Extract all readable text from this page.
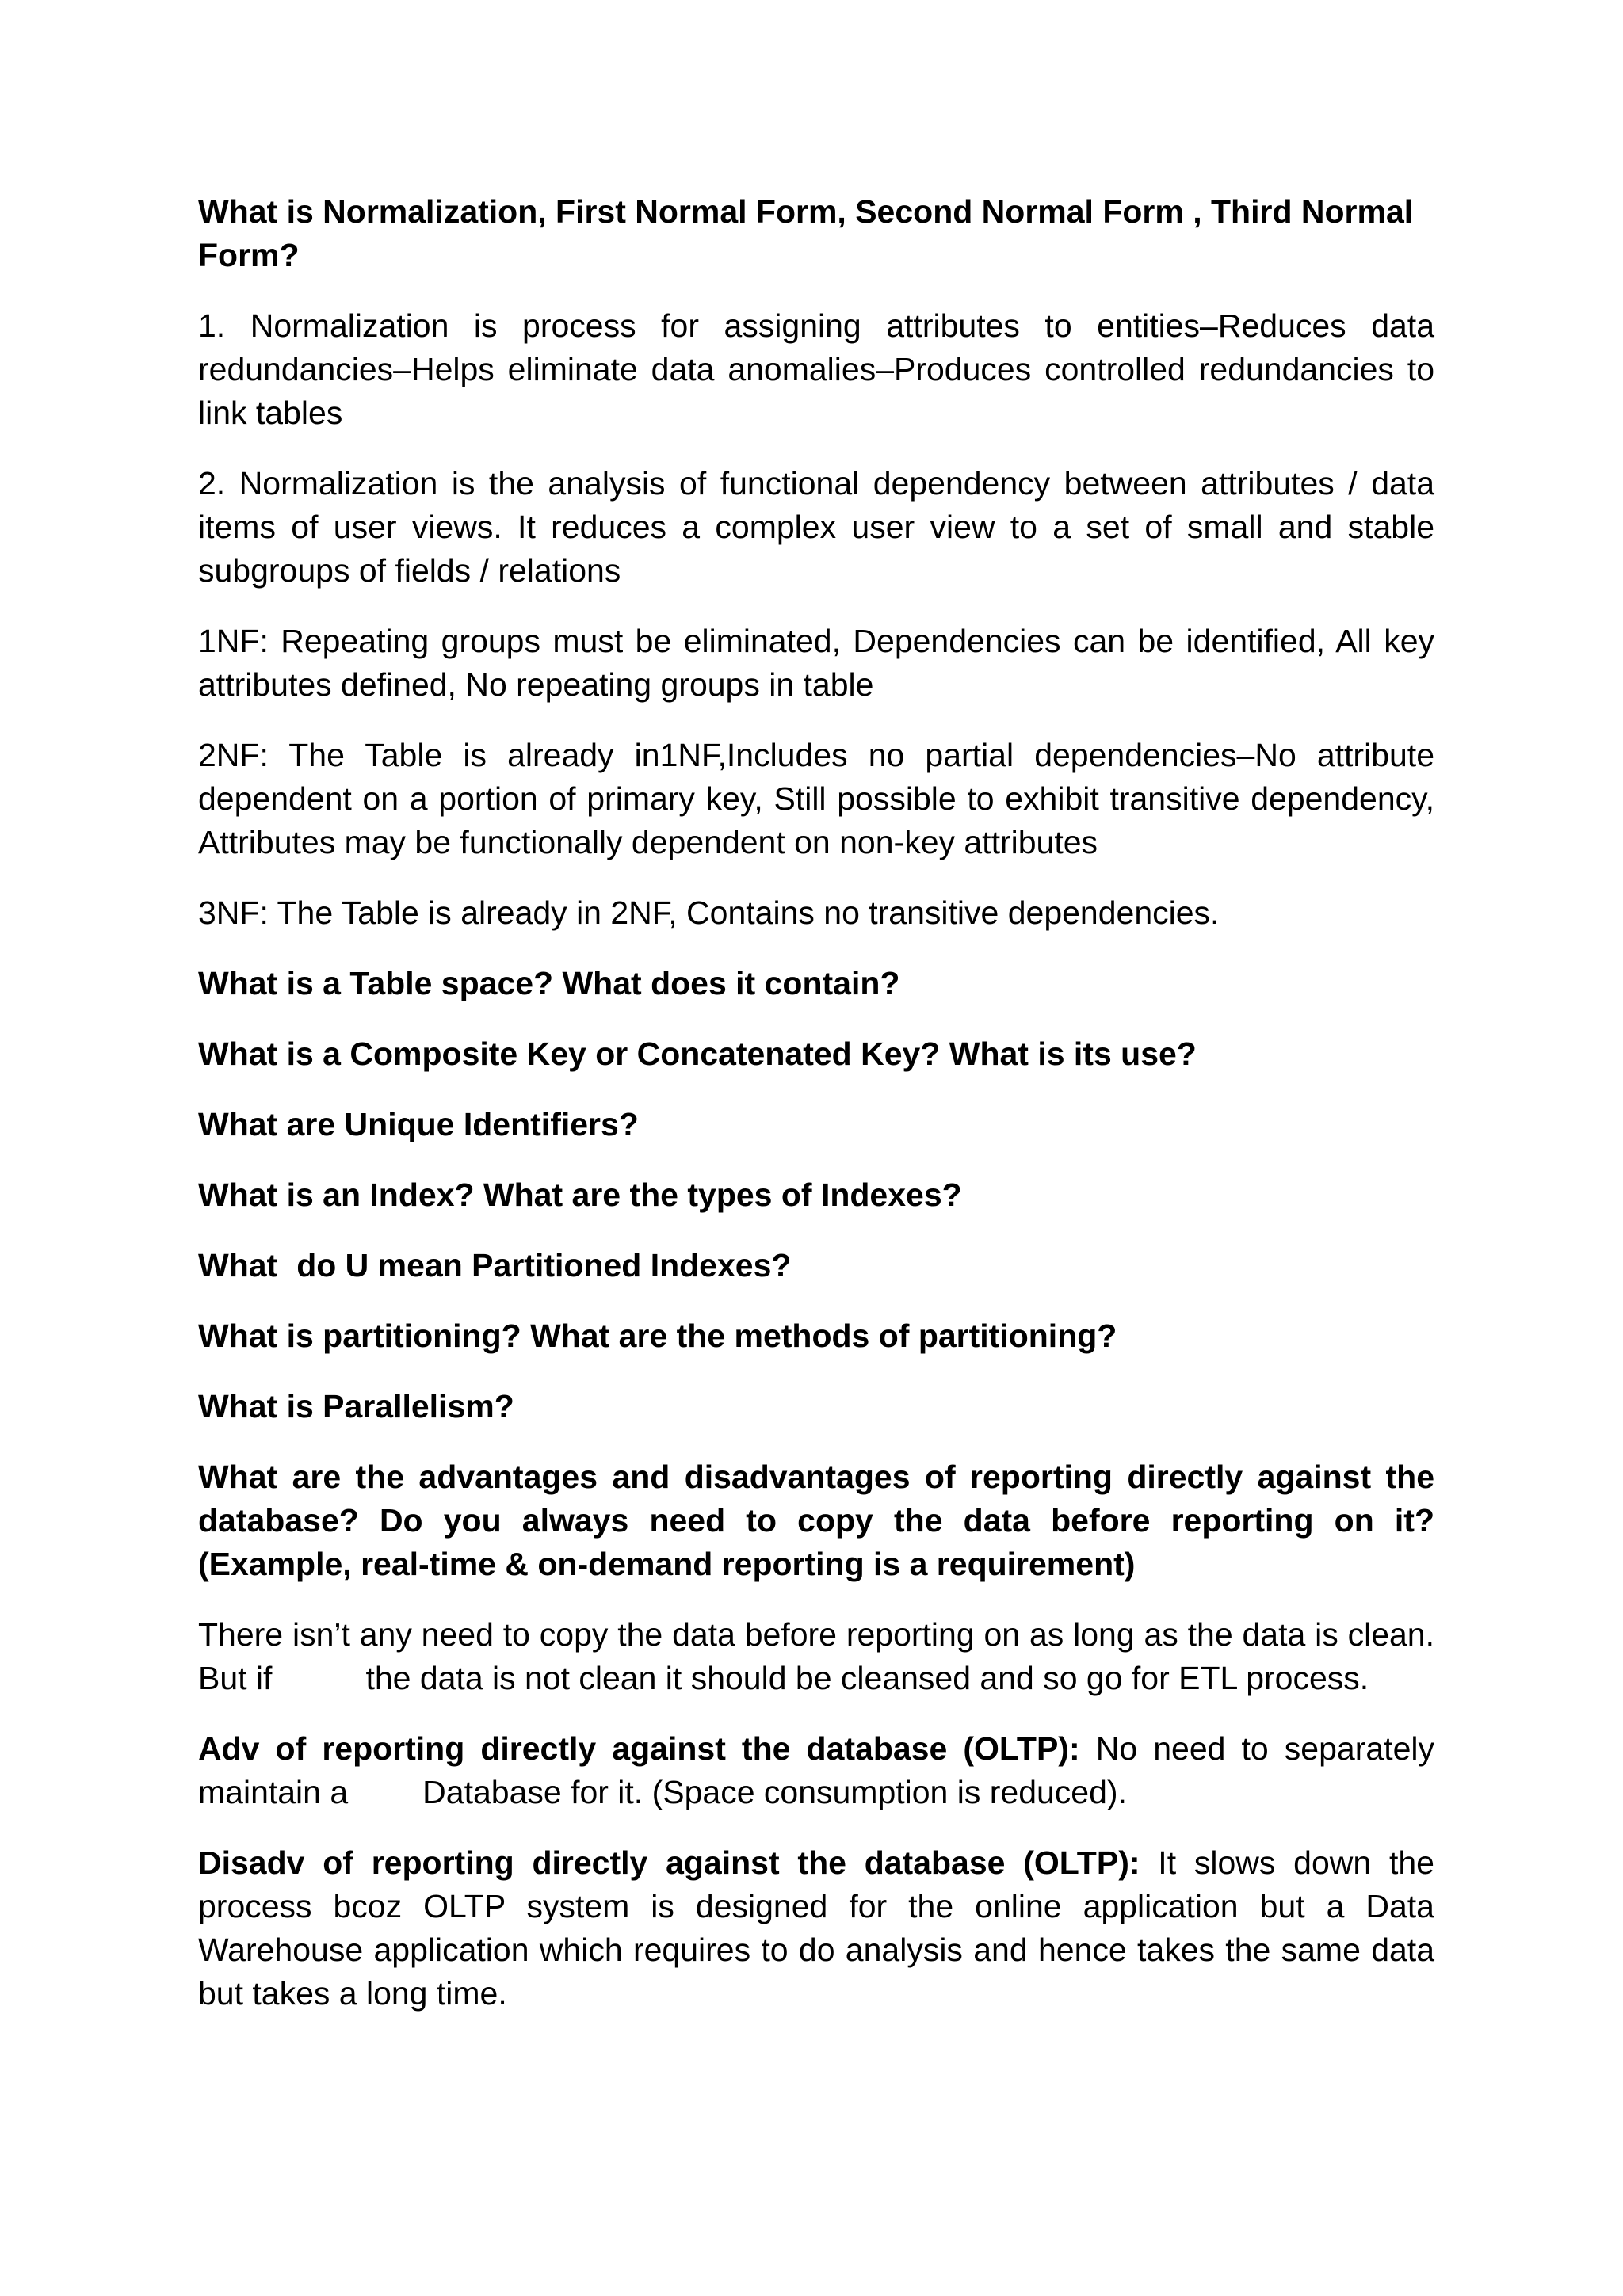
What is Normalization, First Normal Form, Second Normal Form , Third Normal Form?

1. Normalization is process for assigning attributes to entities–Reduces data redundancies–Helps eliminate data anomalies–Produces controlled redundancies to link tables

2. Normalization is the analysis of functional dependency between attributes / data items of user views. It reduces a complex user view to a set of small and stable subgroups of fields / relations

1NF: Repeating groups must be eliminated, Dependencies can be identified, All key attributes defined, No repeating groups in table

2NF: The Table is already in1NF,Includes no partial dependencies–No attribute dependent on a portion of primary key, Still possible to exhibit transitive dependency, Attributes may be functionally dependent on non-key attributes

3NF: The Table is already in 2NF, Contains no transitive dependencies.

What is a Table space? What does it contain?

What is a Composite Key or Concatenated Key? What is its use?

What are Unique Identifiers?

What is an Index? What are the types of Indexes?

What do U mean Partitioned Indexes?

What is partitioning? What are the methods of partitioning?

What is Parallelism?

What are the advantages and disadvantages of reporting directly against the database? Do you always need to copy the data before reporting on it? (Example, real-time & on-demand reporting is a requirement)

There isn’t any need to copy the data before reporting on as long as the data is clean. But if	the data is not clean it should be cleansed and so go for ETL process.

Adv of reporting directly against the database (OLTP): No need to separately maintain a Database for it. (Space consumption is reduced).

Disadv of reporting directly against the database (OLTP): It slows down the process bcoz OLTP system is designed for the online application but a Data Warehouse application which requires to do analysis and hence takes the same data but takes a long time.
